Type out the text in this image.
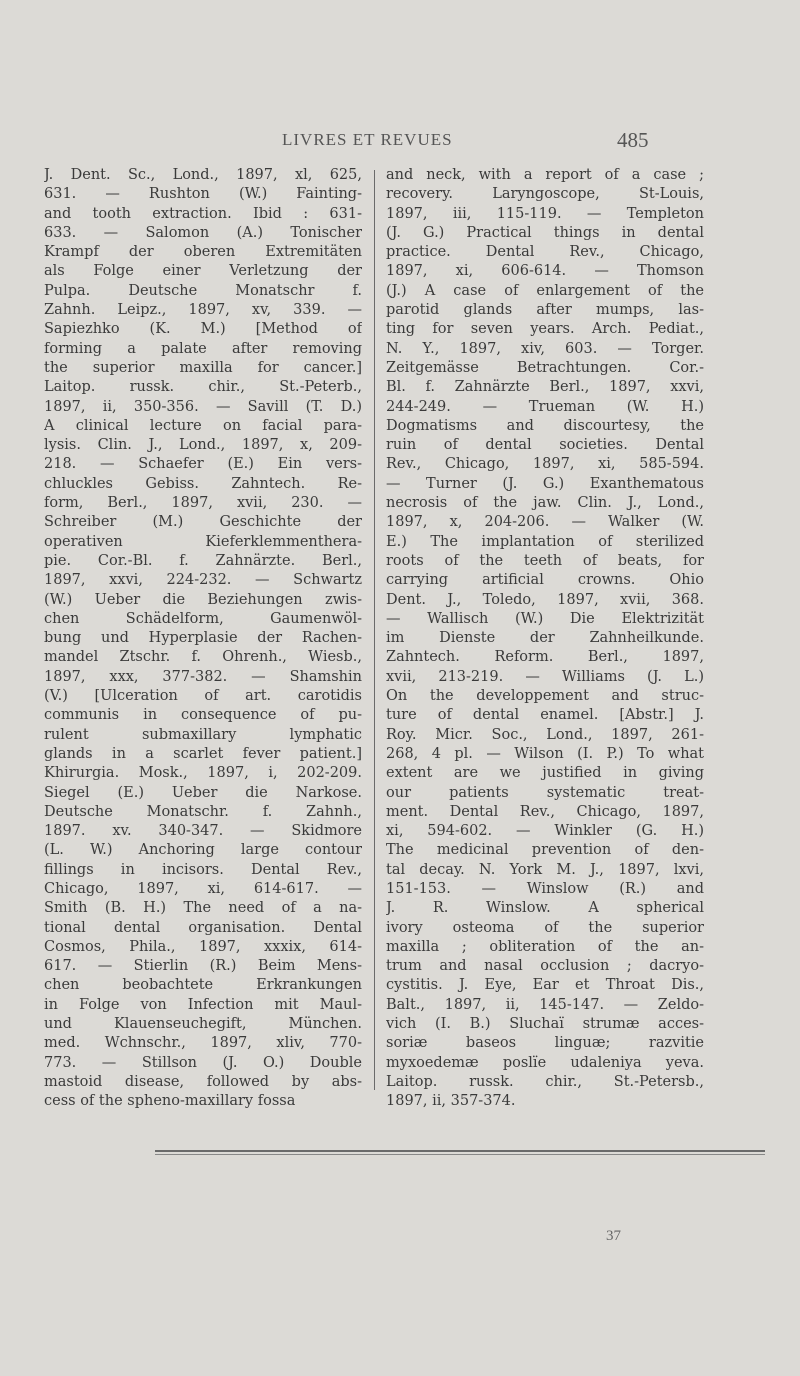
LIVRES ET REVUES	485
J. Dent. Sc., Lond., 1897, xl, 625,
631. — Rushton (W.) Fainting-
and tooth extraction. Ibid : 631-
633. — Salomon (A.) Tonischer
Krampf der oberen Extremitäten
als Folge einer Verletzung der
Pulpa. Deutsche Monatschr f.
Zahnh. Leipz., 1897, xv, 339. —
Sapiezhko (K. M.) [Method of
forming a palate after removing
the superior maxilla for cancer.]
Laitop. russk. chir., St.-Peterb.,
1897, ii, 350-356. — Savill (T. D.)
A clinical lecture on facial para-
lysis. Clin. J., Lond., 1897, x, 209-
218. — Schaefer (E.) Ein vers-
chluckles Gebiss. Zahntech. Re-
form, Berl., 1897, xvii, 230. —
Schreiber (M.) Geschichte der
operativen Kieferklemmenthera-
pie. Cor.-Bl. f. Zahnärzte. Berl.,
1897, xxvi, 224-232. — Schwartz
(W.) Ueber die Beziehungen zwis-
chen Schädelform, Gaumenwöl-
bung und Hyperplasie der Rachen-
mandel Ztschr. f. Ohrenh., Wiesb.,
1897, xxx, 377-382. — Shamshin
(V.) [Ulceration of art. carotidis
communis in consequence of pu-
rulent submaxillary lymphatic
glands in a scarlet fever patient.]
Khirurgia. Mosk., 1897, i, 202-209.
Siegel (E.) Ueber die Narkose.
Deutsche Monatschr. f. Zahnh.,
1897. xv. 340-347. — Skidmore
(L. W.) Anchoring large contour
fillings in incisors. Dental Rev.,
Chicago, 1897, xi, 614-617. —
Smith (B. H.) The need of a na-
tional dental organisation. Dental
Cosmos, Phila., 1897, xxxix, 614-
617. — Stierlin (R.) Beim Mens-
chen beobachtete Erkrankungen
in Folge von Infection mit Maul-
und Klauenseuchegift, München.
med. Wchnschr., 1897, xliv, 770-
773. — Stillson (J. O.) Double
mastoid disease, followed by abs-
cess of the spheno-maxillary fossa
and neck, with a report of a case ;
recovery. Laryngoscope, St-Louis,
1897, iii, 115-119. — Templeton
(J. G.) Practical things in dental
practice. Dental Rev., Chicago,
1897, xi, 606-614. — Thomson
(J.) A case of enlargement of the
parotid glands after mumps, las-
ting for seven years. Arch. Pediat.,
N. Y., 1897, xiv, 603. — Torger.
Zeitgemässe Betrachtungen. Cor.-
Bl. f. Zahnärzte Berl., 1897, xxvi,
244-249. — Trueman (W. H.)
Dogmatisms and discourtesy, the
ruin of dental societies. Dental
Rev., Chicago, 1897, xi, 585-594.
— Turner (J. G.) Exanthematous
necrosis of the jaw. Clin. J., Lond.,
1897, x, 204-206. — Walker (W.
E.) The implantation of sterilized
roots of the teeth of beats, for
carrying artificial crowns. Ohio
Dent. J., Toledo, 1897, xvii, 368.
— Wallisch (W.) Die Elektrizität
im Dienste der Zahnheilkunde.
Zahntech. Reform. Berl., 1897,
xvii, 213-219. — Williams (J. L.)
On the developpement and struc-
ture of dental enamel. [Abstr.] J.
Roy. Micr. Soc., Lond., 1897, 261-
268, 4 pl. — Wilson (I. P.) To what
extent are we justified in giving
our patients systematic treat-
ment. Dental Rev., Chicago, 1897,
xi, 594-602. — Winkler (G. H.)
The medicinal prevention of den-
tal decay. N. York M. J., 1897, lxvi,
151-153. — Winslow (R.) and
J. R. Winslow. A spherical
ivory osteoma of the superior
maxilla ; obliteration of the an-
trum and nasal occlusion ; dacryo-
cystitis. J. Eye, Ear et Throat Dis.,
Balt., 1897, ii, 145-147. — Zeldo-
vich (I. B.) Sluchaï strumæ acces-
soriæ baseos linguæ; razvitie
myxoedemæ poslïe udaleniya yeva.
Laitop. russk. chir., St.-Petersb.,
1897, ii, 357-374.
37
